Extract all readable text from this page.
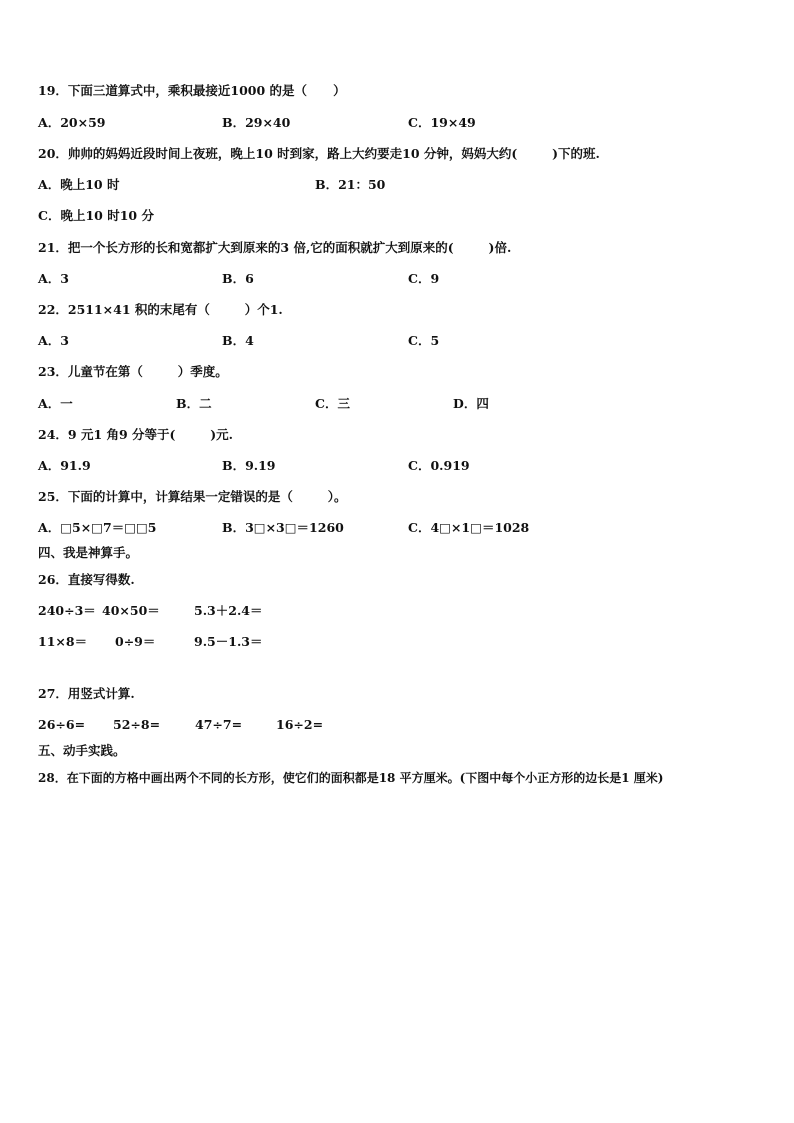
19．下面三道算式中，乘积最接近1000 的是（      ）
A．20×59	B．29×40	C．19×49
20．帅帅的妈妈近段时间上夜班，晚上10 时到家，路上大约要走10 分钟，妈妈大约(        )下的班.
A．晚上10 时	B．21：50
C．晚上10 时10 分
21．把一个长方形的长和宽都扩大到原来的3 倍,它的面积就扩大到原来的(        )倍.
A．3	B．6	C．9
22．2511×41 积的末尾有（        ）个1.
A．3	B．4	C．5
23．儿童节在第（        ）季度。
A．一	B．二	C．三	D．四
24．9 元1 角9 分等于(        )元.
A．91.9	B．9.19	C．0.919
25．下面的计算中，计算结果一定错误的是（        ）。
A．□5×□7＝□□5	B．3□×3□＝1260	C．4□×1□＝1028
四、我是神算手。
26．直接写得数.
240÷3＝ 40×50＝	5.3＋2.4＝
11×8＝ 0÷9＝	9.5－1.3＝
27．用竖式计算.
26÷6= 52÷8=	47÷7=	16÷2=
五、动手实践。
28．在下面的方格中画出两个不同的长方形，使它们的面积都是18 平方厘米。(下图中每个小正方形的边长是1 厘米)
